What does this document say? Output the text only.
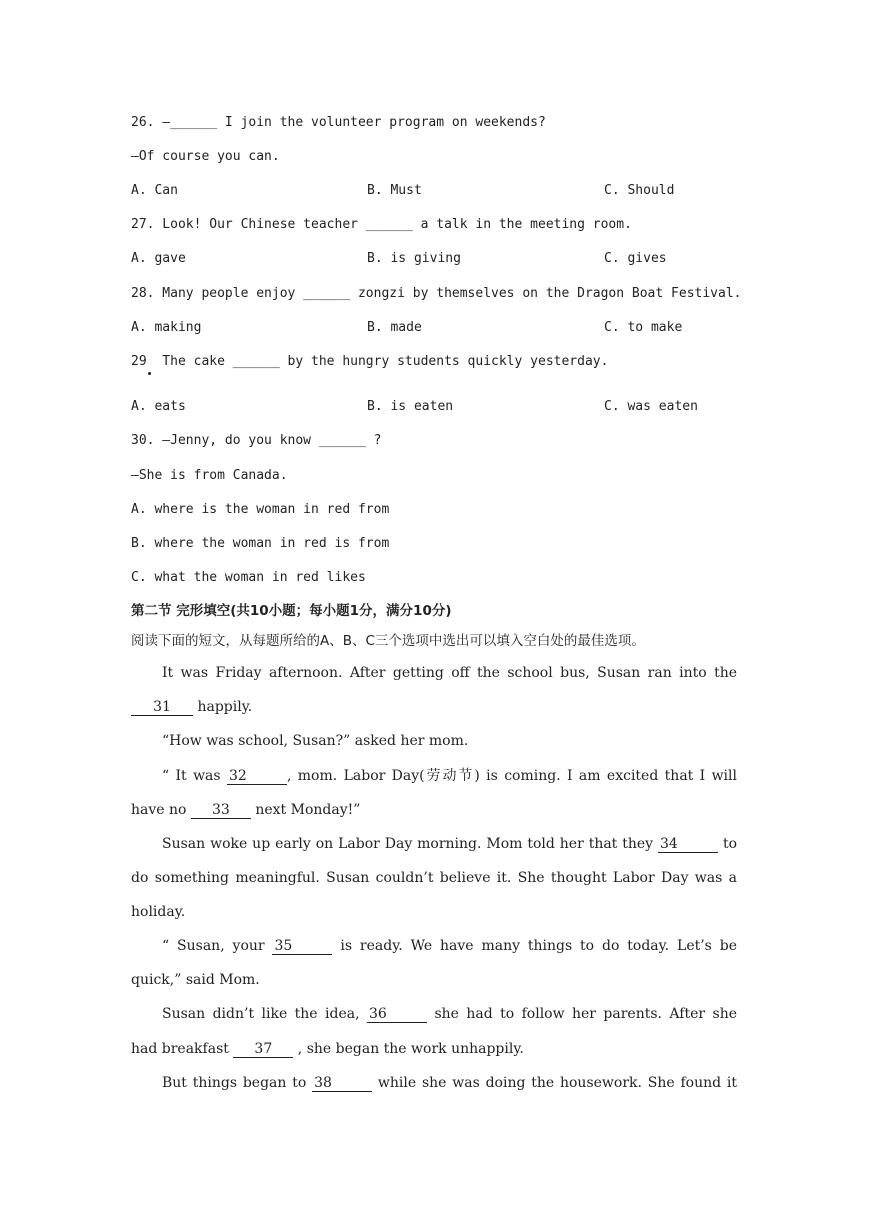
26. —______ I join the volunteer program on weekends?
—Of course you can.
A. Can	B. Must	C. Should
27. Look! Our Chinese teacher ______ a talk in the meeting room.
A. gave	B. is giving	C. gives
28. Many people enjoy ______ zongzi by themselves on the Dragon Boat Festival.
A. making	B. made	C. to make
29  The cake ______ by the hungry students quickly yesterday.
A. eats	B. is eaten	C. was eaten
30. —Jenny, do you know ______ ?
—She is from Canada.
A. where is the woman in red from
B. where the woman in red is from
C. what the woman in red likes
第二节 完形填空(共10小题；每小题1分，满分10分)
阅读下面的短文，从每题所给的A、B、C三个选项中选出可以填入空白处的最佳选项。
It was Friday afternoon. After getting off the school bus, Susan ran into the
31 happily.
“How was school, Susan?” asked her mom.
“ It was 32	, mom. Labor Day(劳动节) is coming. I am excited that I will
have no 33 next Monday!”
Susan woke up early on Labor Day morning. Mom told her that they 34	to
do something meaningful. Susan couldn’t believe it. She thought Labor Day was a
holiday.
“ Susan, your 35	is ready. We have many things to do today. Let’s be
quick,” said Mom.
Susan didn’t like the idea, 36	she had to follow her parents. After she
had breakfast 37 , she began the work unhappily.
But things began to 38	while she was doing the housework. She found it
